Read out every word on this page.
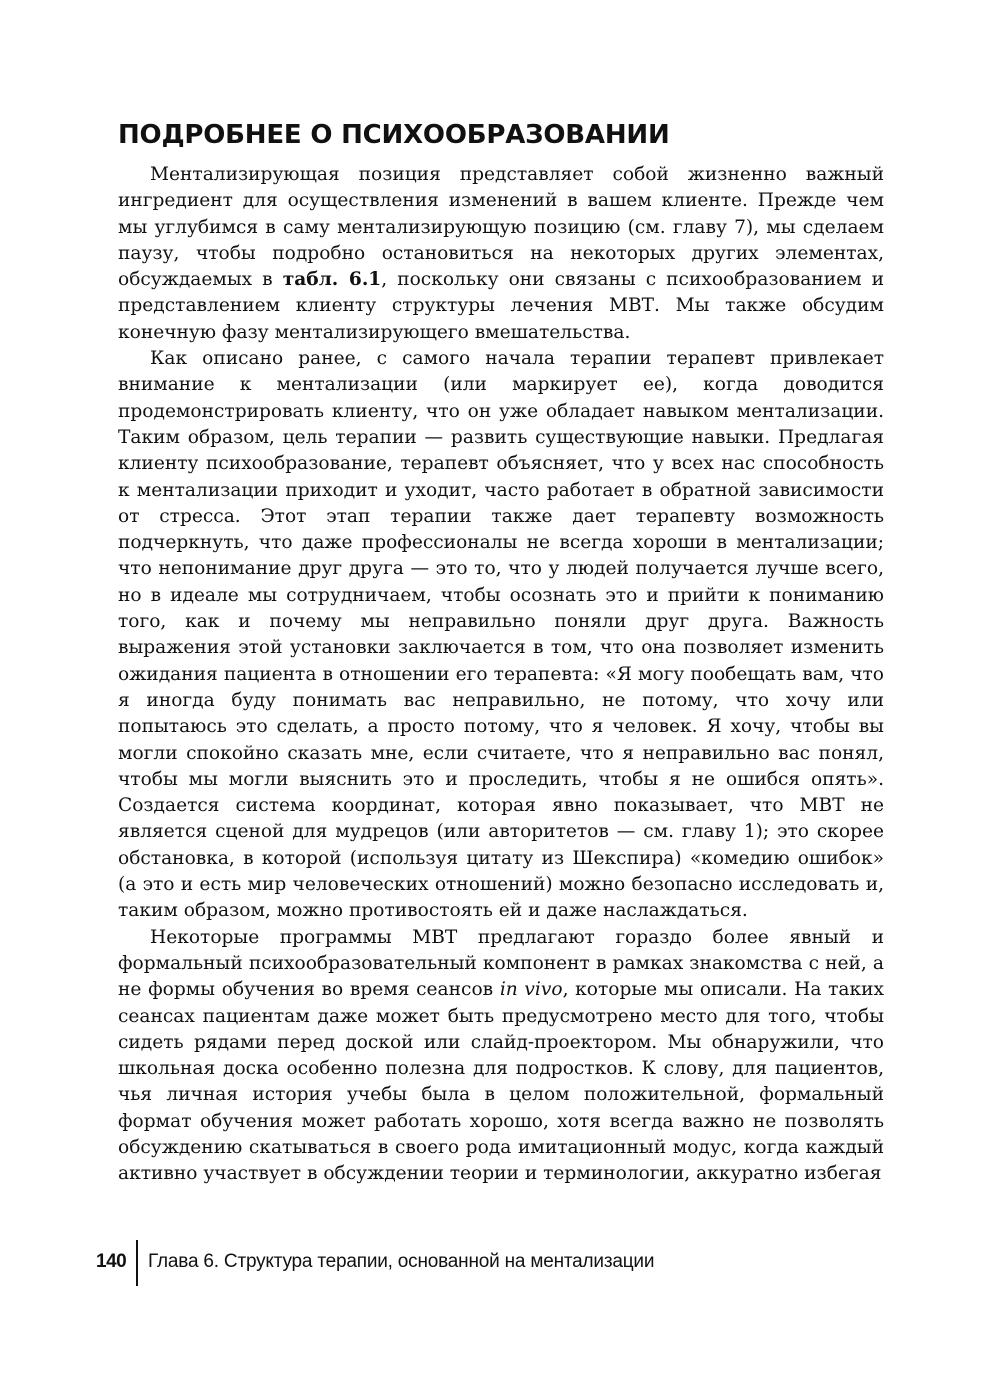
ПОДРОБНЕЕ О ПСИХООБРАЗОВАНИИ

Ментализирующая позиция представляет собой жизненно важный ингредиент для осуществления изменений в вашем клиенте. Прежде чем мы углубимся в саму ментализирующую позицию (см. главу 7), мы сделаем паузу, чтобы подробно остановиться на некоторых других элементах, обсуждаемых в табл. 6.1, поскольку они связаны с психообразованием и представлением клиенту структуры лечения МВТ. Мы также обсудим конечную фазу ментализирующего вмешательства.

Как описано ранее, с самого начала терапии терапевт привлекает внимание к ментализации (или маркирует ее), когда доводится продемонстрировать клиенту, что он уже обладает навыком ментализации. Таким образом, цель терапии — развить существующие навыки. Предлагая клиенту психообразование, терапевт объясняет, что у всех нас способность к ментализации приходит и уходит, часто работает в обратной зависимости от стресса. Этот этап терапии также дает терапевту возможность подчеркнуть, что даже профессионалы не всегда хороши в ментализации; что непонимание друг друга — это то, что у людей получается лучше всего, но в идеале мы сотрудничаем, чтобы осознать это и прийти к пониманию того, как и почему мы неправильно поняли друг друга. Важность выражения этой установки заключается в том, что она позволяет изменить ожидания пациента в отношении его терапевта: «Я могу пообещать вам, что я иногда буду понимать вас неправильно, не потому, что хочу или попытаюсь это сделать, а просто потому, что я человек. Я хочу, чтобы вы могли спокойно сказать мне, если считаете, что я неправильно вас понял, чтобы мы могли выяснить это и проследить, чтобы я не ошибся опять». Создается система координат, которая явно показывает, что МВТ не является сценой для мудрецов (или авторитетов — см. главу 1); это скорее обстановка, в которой (используя цитату из Шекспира) «комедию ошибок» (а это и есть мир человеческих отношений) можно безопасно исследовать и, таким образом, можно противостоять ей и даже наслаждаться.

Некоторые программы МВТ предлагают гораздо более явный и формальный психообразовательный компонент в рамках знакомства с ней, а не формы обучения во время сеансов in vivo, которые мы описали. На таких сеансах пациентам даже может быть предусмотрено место для того, чтобы сидеть рядами перед доской или слайд-проектором. Мы обнаружили, что школьная доска особенно полезна для подростков. К слову, для пациентов, чья личная история учебы была в целом положительной, формальный формат обучения может работать хорошо, хотя всегда важно не позволять обсуждению скатываться в своего рода имитационный модус, когда каждый активно участвует в обсуждении теории и терминологии, аккуратно избегая

140 Глава 6. Структура терапии, основанной на ментализации
